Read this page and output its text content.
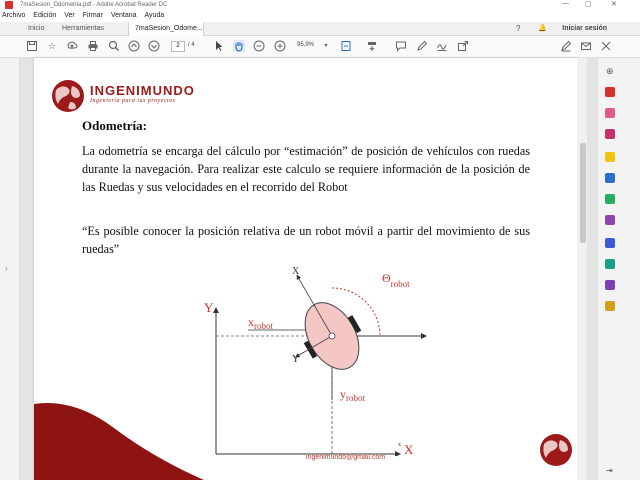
7maSesion_Odometria.pdf - Adobe Acrobat Reader DC	— ▢	✕
Archivo Edición Ver Firmar Ventana Ayuda
Inicio	Herramientas	7maSesion_Odome...	?	🔔 Iniciar sesión
☆	2	/ 4	95,9%	▾
›
INGENIMUNDO
Ingeniería para tus proyectos
Odometría:
La odometría se encarga del cálculo por “estimación” de posición de vehículos con ruedas durante la navegación. Para realizar este calculo se requiere información de la posición de las Ruedas y sus velocidades en el recorrido del Robot
“Es posible conocer la posición relativa de un robot móvil a partir del movimiento de sus ruedas”
Y
X
x
$x_{robot}$
$y_{robot}$
$\Theta_{robot}$
X
Y
ingenimundo@gmail.com
⊕
⇥
